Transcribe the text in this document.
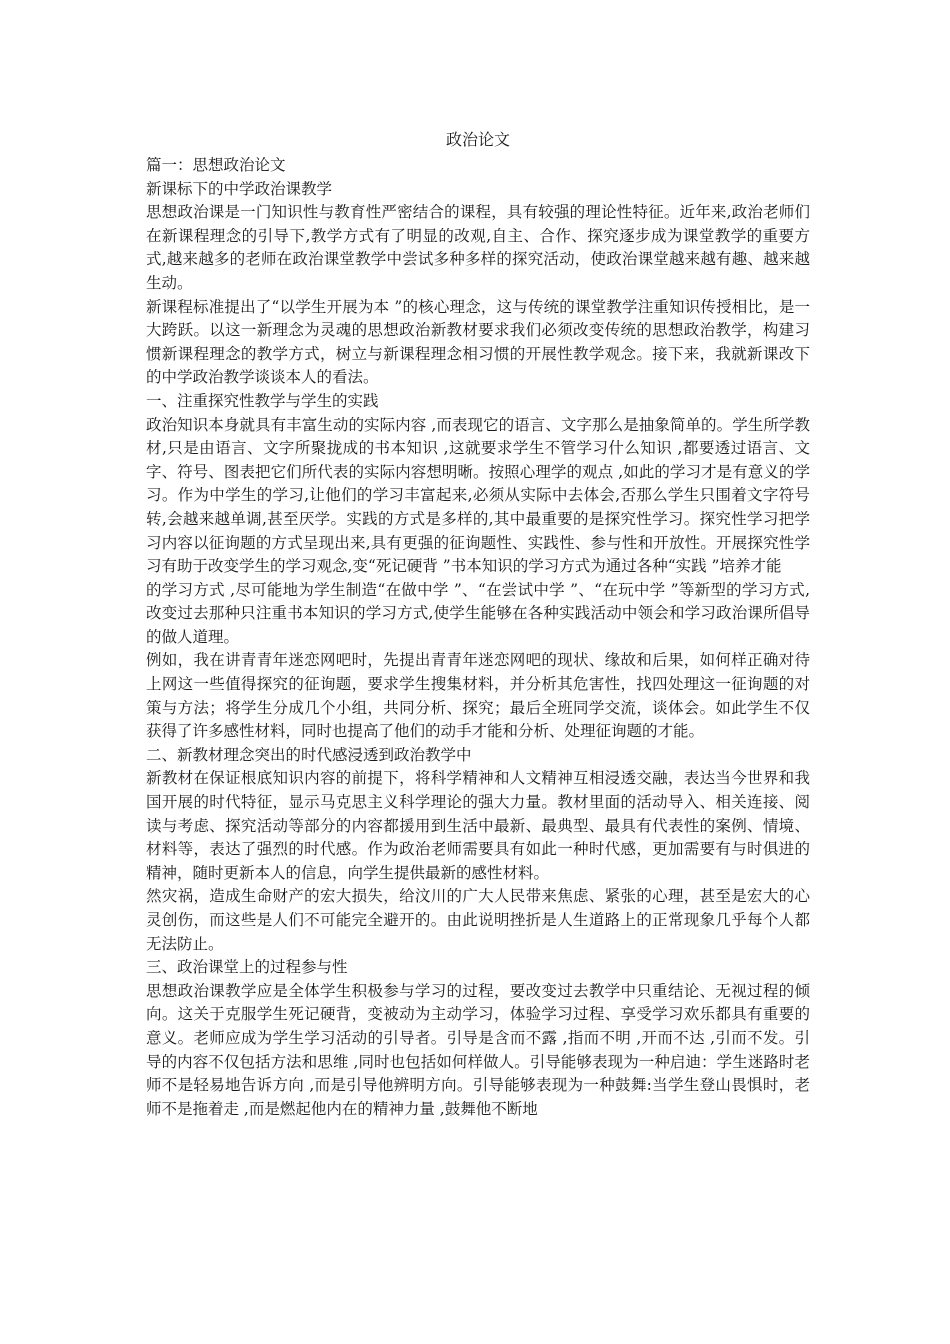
政治论文

篇一：思想政治论文

新课标下的中学政治课教学

思想政治课是一门知识性与教育性严密结合的课程，具有较强的理论性特征。近年来,政治老师们在新课程理念的引导下,教学方式有了明显的改观,自主、合作、探究逐步成为课堂教学的重要方式,越来越多的老师在政治课堂教学中尝试多种多样的探究活动，使政治课堂越来越有趣、越来越生动。

新课程标准提出了“以学生开展为本 ”的核心理念，这与传统的课堂教学注重知识传授相比，是一大跨跃。以这一新理念为灵魂的思想政治新教材要求我们必须改变传统的思想政治教学，构建习惯新课程理念的教学方式，树立与新课程理念相习惯的开展性教学观念。接下来，我就新课改下的中学政治教学谈谈本人的看法。

一、注重探究性教学与学生的实践

政治知识本身就具有丰富生动的实际内容 ,而表现它的语言、文字那么是抽象简单的。学生所学教材,只是由语言、文字所聚拢成的书本知识 ,这就要求学生不管学习什么知识 ,都要透过语言、文字、符号、图表把它们所代表的实际内容想明晰。按照心理学的观点 ,如此的学习才是有意义的学习。作为中学生的学习,让他们的学习丰富起来,必须从实际中去体会,否那么学生只围着文字符号转,会越来越单调,甚至厌学。实践的方式是多样的,其中最重要的是探究性学习。探究性学习把学习内容以征询题的方式呈现出来,具有更强的征询题性、实践性、参与性和开放性。开展探究性学习有助于改变学生的学习观念,变“死记硬背 ”书本知识的学习方式为通过各种“实践 ”培养才能

的学习方式 ,尽可能地为学生制造“在做中学 ”、“在尝试中学 ”、“在玩中学 ”等新型的学习方式,改变过去那种只注重书本知识的学习方式,使学生能够在各种实践活动中领会和学习政治课所倡导的做人道理。

例如，我在讲青青年迷恋网吧时，先提出青青年迷恋网吧的现状、缘故和后果，如何样正确对待上网这一些值得探究的征询题，要求学生搜集材料，并分析其危害性，找四处理这一征询题的对策与方法；将学生分成几个小组，共同分析、探究；最后全班同学交流，谈体会。如此学生不仅获得了许多感性材料，同时也提高了他们的动手才能和分析、处理征询题的才能。

二、新教材理念突出的时代感浸透到政治教学中

新教材在保证根底知识内容的前提下，将科学精神和人文精神互相浸透交融，表达当今世界和我国开展的时代特征，显示马克思主义科学理论的强大力量。教材里面的活动导入、相关连接、阅读与考虑、探究活动等部分的内容都援用到生活中最新、最典型、最具有代表性的案例、情境、材料等，表达了强烈的时代感。作为政治老师需要具有如此一种时代感，更加需要有与时俱进的精神，随时更新本人的信息，向学生提供最新的感性材料。

然灾祸，造成生命财产的宏大损失，给汶川的广大人民带来焦虑、紧张的心理，甚至是宏大的心灵创伤，而这些是人们不可能完全避开的。由此说明挫折是人生道路上的正常现象几乎每个人都无法防止。

三、政治课堂上的过程参与性

思想政治课教学应是全体学生积极参与学习的过程，要改变过去教学中只重结论、无视过程的倾向。这关于克服学生死记硬背，变被动为主动学习，体验学习过程、享受学习欢乐都具有重要的意义。老师应成为学生学习活动的引导者。引导是含而不露 ,指而不明 ,开而不达 ,引而不发。引导的内容不仅包括方法和思维 ,同时也包括如何样做人。引导能够表现为一种启迪：学生迷路时老师不是轻易地告诉方向 ,而是引导他辨明方向。引导能够表现为一种鼓舞:当学生登山畏惧时，老师不是拖着走 ,而是燃起他内在的精神力量 ,鼓舞他不断地
